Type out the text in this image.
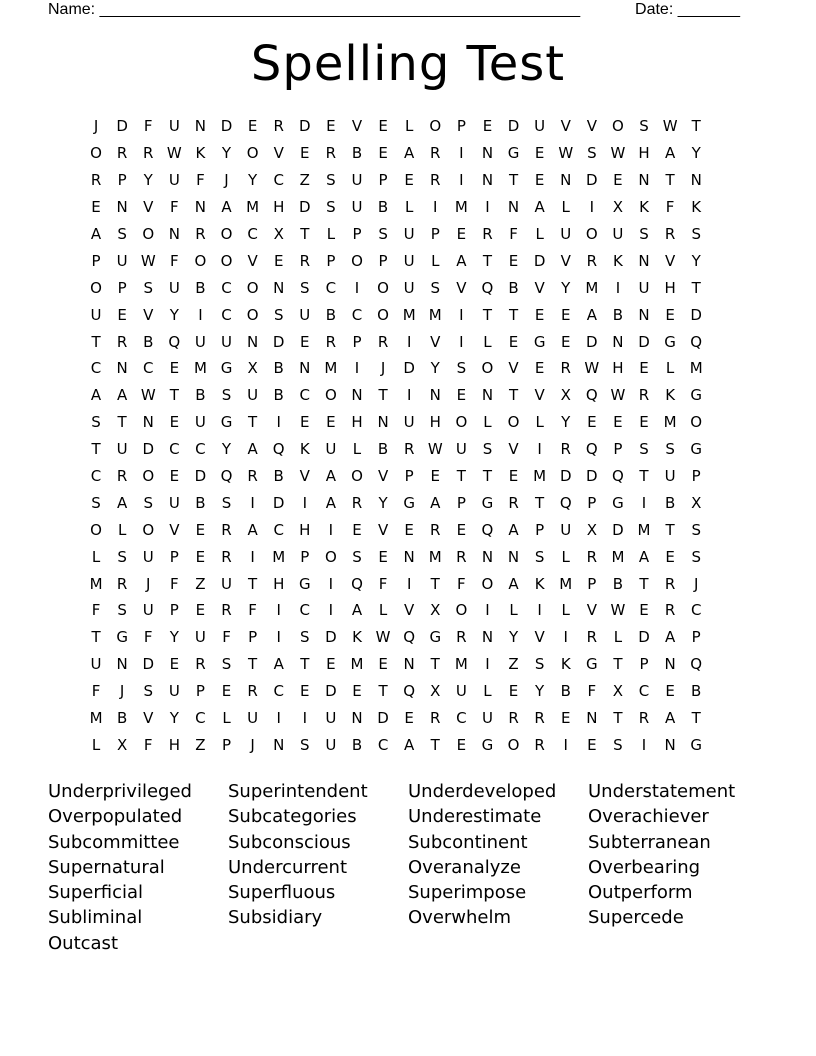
Name: ______________________________________________________	Date: _______
Spelling Test
J	D	F	U N D	E	R	D	E	V	E	L	O	P	E	D U	V	V	O	S W T
O R	R W K	Y	O	V	E	R	B	E	A	R	I	N G	E W S W H	A	Y
R	P	Y	U	F	J	Y	C	Z	S	U	P	E	R	I	N	T	E	N D	E	N	T	N
E	N	V	F	N	A M H D	S	U	B	L	I	M	I	N	A	L	I	X	K	F	K
A	S	O N	R O C	X	T	L	P	S	U	P	E	R	F	L	U O U	S	R	S
P	U W F	O O	V	E	R	P	O	P	U	L	A	T	E	D	V	R	K	N	V	Y
O	P	S	U	B	C O N	S	C	I	O U	S	V	Q	B	V	Y	M	I	U H	T
U	E	V	Y	I	C O	S	U	B	C O M M	I	T	T	E	E	A	B	N	E	D
T	R	B	Q U	U N D	E	R	P	R	I	V	I	L	E	G	E	D N D G Q
C	N	C	E M G	X	B	N M	I	J	D	Y	S	O	V	E	R W H	E	L	M
A	A W T	B	S	U	B	C O N	T	I	N	E	N	T	V	X	Q W R	K	G
S	T	N	E	U G	T	I	E	E	H N U H O	L	O	L	Y	E	E	E M O
T	U D	C	C	Y	A	Q	K	U	L	B	R W U	S	V	I	R Q	P	S	S	G
C	R O	E	D Q R	B	V	A	O	V	P	E	T	T	E M D D Q	T	U	P
S	A	S	U	B	S	I	D	I	A	R	Y	G	A	P	G	R	T	Q	P	G	I	B	X
O	L	O	V	E	R	A	C	H	I	E	V	E	R	E	Q	A	P	U	X	D M	T	S
L	S	U	P	E	R	I	M	P	O	S	E	N M R	N N	S	L	R M A	E	S
M R	J	F	Z	U	T	H G	I	Q	F	I	T	F	O	A	K M	P	B	T	R	J
F	S	U	P	E	R	F	I	C	I	A	L	V	X	O	I	L	I	L	V W E	R	C
T	G	F	Y	U	F	P	I	S	D	K W Q G	R	N	Y	V	I	R	L	D	A	P
U N D	E	R	S	T	A	T	E M E	N	T	M	I	Z	S	K	G	T	P	N Q
F	J	S	U	P	E	R	C	E	D	E	T	Q	X	U	L	E	Y	B	F	X	C	E	B
M B	V	Y	C	L	U	I	I	U N D	E	R	C	U	R	R	E	N	T	R	A	T
L	X	F	H	Z	P	J	N	S	U	B	C	A	T	E	G O R	I	E	S	I	N G
Underprivileged	Superintendent	Underdeveloped	Understatement
Overpopulated	Subcategories	Underestimate	Overachiever
Subcommittee	Subconscious	Subcontinent	Subterranean
Supernatural	Undercurrent	Overanalyze	Overbearing
Superficial	Superfluous	Superimpose	Outperform
Subliminal	Subsidiary	Overwhelm	Supercede
Outcast
